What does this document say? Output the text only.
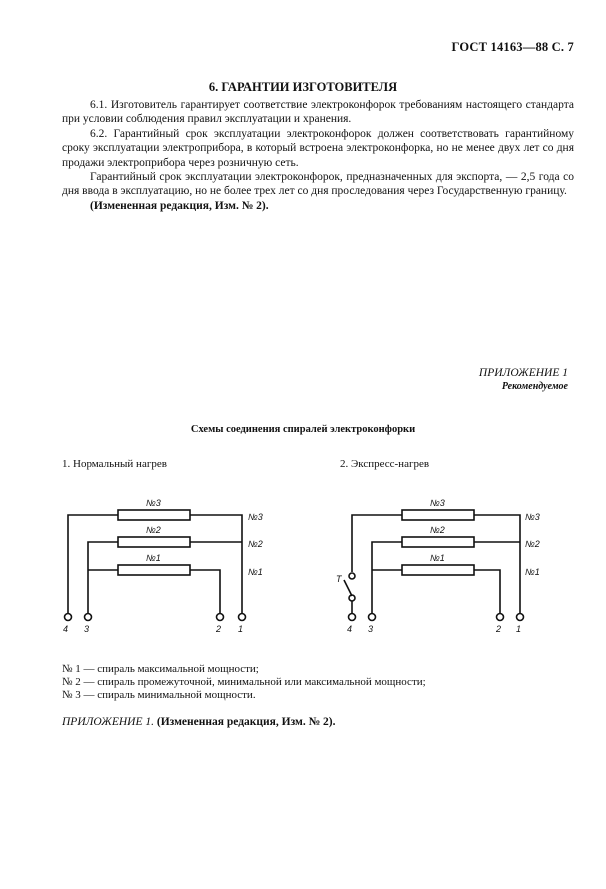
ГОСТ 14163—88 С. 7
6. ГАРАНТИИ ИЗГОТОВИТЕЛЯ

6.1. Изготовитель гарантирует соответствие электроконфорок требованиям настоящего стандарта при условии соблюдения правил эксплуатации и хранения.

6.2. Гарантийный срок эксплуатации электроконфорок должен соответствовать гарантийному сроку эксплуатации электроприбора, в который встроена электроконфорка, но не менее двух лет со дня продажи электроприбора через розничную сеть.

Гарантийный срок эксплуатации электроконфорок, предназначенных для экспорта, — 2,5 года со дня ввода в эксплуатацию, но не более трех лет со дня проследования через Государственную границу.

(Измененная редакция, Изм. № 2).

ПРИЛОЖЕНИЕ 1
Рекомендуемое
Схемы соединения спиралей электроконфорки
1. Нормальный нагрев	2. Экспресс-нагрев
№3
№2
№1
№3
№2
№1
4 3	2 1
№3
№2
№1
№3
№2
№1
Т
4 3	2 1
№ 1 — спираль максимальной мощности;
№ 2 — спираль промежуточной, минимальной или максимальной мощности;
№ 3 — спираль минимальной мощности.
ПРИЛОЖЕНИЕ 1. (Измененная редакция, Изм. № 2).
